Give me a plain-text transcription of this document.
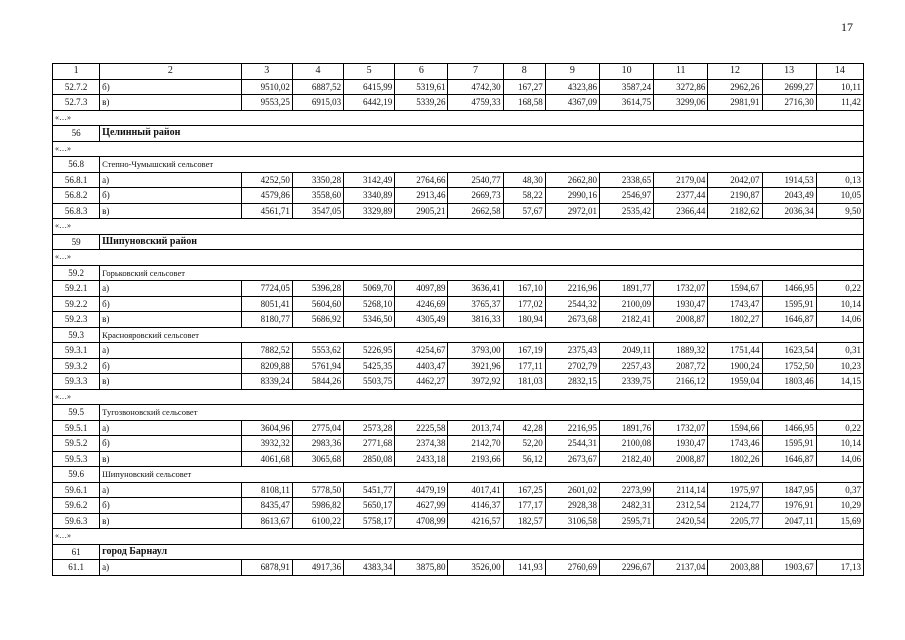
17
1	2	3	4	5	6	7	8	9	10	11	12	13	14
52.7.2	б)	9510,02	6887,52	6415,99	5319,61	4742,30	167,27	4323,86	3587,24	3272,86	2962,26	2699,27	10,11
52.7.3	в)	9553,25	6915,03	6442,19	5339,26	4759,33	168,58	4367,09	3614,75	3299,06	2981,91	2716,30	11,42
«…»													
56	Целинный район												
«…»													
56.8	Степно-Чумышский сельсовет												
56.8.1	а)	4252,50	3350,28	3142,49	2764,66	2540,77	48,30	2662,80	2338,65	2179,04	2042,07	1914,53	0,13
56.8.2	б)	4579,86	3558,60	3340,89	2913,46	2669,73	58,22	2990,16	2546,97	2377,44	2190,87	2043,49	10,05
56.8.3	в)	4561,71	3547,05	3329,89	2905,21	2662,58	57,67	2972,01	2535,42	2366,44	2182,62	2036,34	9,50
«…»													
59	Шипуновский район												
«…»													
59.2	Горьковский сельсовет												
59.2.1	а)	7724,05	5396,28	5069,70	4097,89	3636,41	167,10	2216,96	1891,77	1732,07	1594,67	1466,95	0,22
59.2.2	б)	8051,41	5604,60	5268,10	4246,69	3765,37	177,02	2544,32	2100,09	1930,47	1743,47	1595,91	10,14
59.2.3	в)	8180,77	5686,92	5346,50	4305,49	3816,33	180,94	2673,68	2182,41	2008,87	1802,27	1646,87	14,06
59.3	Краснояровский сельсовет												
59.3.1	а)	7882,52	5553,62	5226,95	4254,67	3793,00	167,19	2375,43	2049,11	1889,32	1751,44	1623,54	0,31
59.3.2	б)	8209,88	5761,94	5425,35	4403,47	3921,96	177,11	2702,79	2257,43	2087,72	1900,24	1752,50	10,23
59.3.3	в)	8339,24	5844,26	5503,75	4462,27	3972,92	181,03	2832,15	2339,75	2166,12	1959,04	1803,46	14,15
«…»													
59.5	Тугозвоновский сельсовет												
59.5.1	а)	3604,96	2775,04	2573,28	2225,58	2013,74	42,28	2216,95	1891,76	1732,07	1594,66	1466,95	0,22
59.5.2	б)	3932,32	2983,36	2771,68	2374,38	2142,70	52,20	2544,31	2100,08	1930,47	1743,46	1595,91	10,14
59.5.3	в)	4061,68	3065,68	2850,08	2433,18	2193,66	56,12	2673,67	2182,40	2008,87	1802,26	1646,87	14,06
59.6	Шипуновский сельсовет												
59.6.1	а)	8108,11	5778,50	5451,77	4479,19	4017,41	167,25	2601,02	2273,99	2114,14	1975,97	1847,95	0,37
59.6.2	б)	8435,47	5986,82	5650,17	4627,99	4146,37	177,17	2928,38	2482,31	2312,54	2124,77	1976,91	10,29
59.6.3	в)	8613,67	6100,22	5758,17	4708,99	4216,57	182,57	3106,58	2595,71	2420,54	2205,77	2047,11	15,69
«…»													
61	город Барнаул												
61.1	а)	6878,91	4917,36	4383,34	3875,80	3526,00	141,93	2760,69	2296,67	2137,04	2003,88	1903,67	17,13
